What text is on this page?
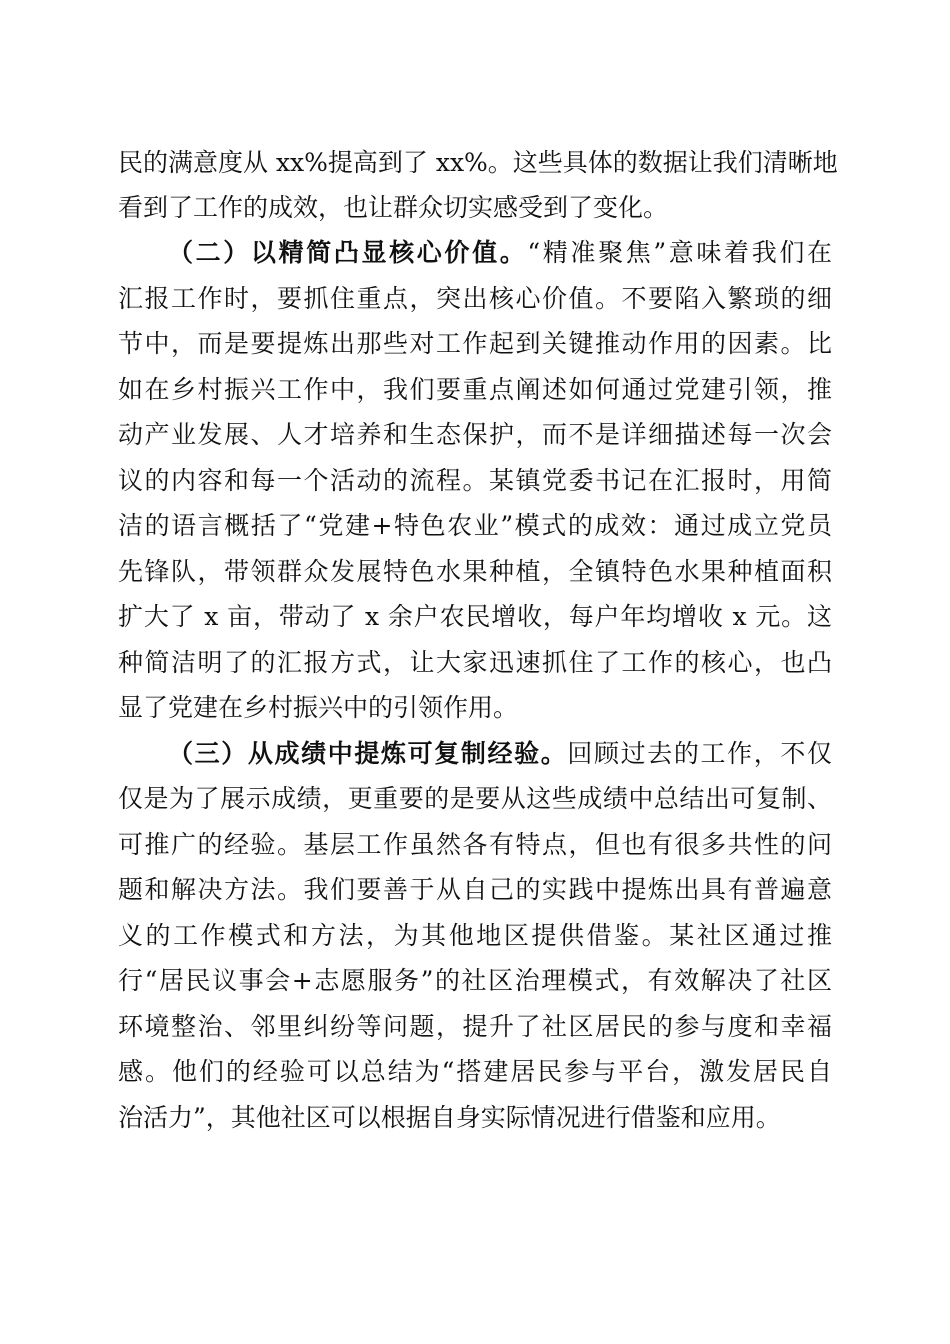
民的满意度从 xx%提高到了 xx%。这些具体的数据让我们清晰地
看到了工作的成效，也让群众切实感受到了变化。
（二）以精简凸显核心价值。“精准聚焦”意味着我们在
汇报工作时，要抓住重点，突出核心价值。不要陷入繁琐的细
节中，而是要提炼出那些对工作起到关键推动作用的因素。比
如在乡村振兴工作中，我们要重点阐述如何通过党建引领，推
动产业发展、人才培养和生态保护，而不是详细描述每一次会
议的内容和每一个活动的流程。某镇党委书记在汇报时，用简
洁的语言概括了“党建+特色农业”模式的成效：通过成立党员
先锋队，带领群众发展特色水果种植，全镇特色水果种植面积
扩大了 x 亩，带动了 x 余户农民增收，每户年均增收 x 元。这
种简洁明了的汇报方式，让大家迅速抓住了工作的核心，也凸
显了党建在乡村振兴中的引领作用。
（三）从成绩中提炼可复制经验。回顾过去的工作，不仅
仅是为了展示成绩，更重要的是要从这些成绩中总结出可复制、
可推广的经验。基层工作虽然各有特点，但也有很多共性的问
题和解决方法。我们要善于从自己的实践中提炼出具有普遍意
义的工作模式和方法，为其他地区提供借鉴。某社区通过推
行“居民议事会+志愿服务”的社区治理模式，有效解决了社区
环境整治、邻里纠纷等问题，提升了社区居民的参与度和幸福
感。他们的经验可以总结为“搭建居民参与平台，激发居民自
治活力”，其他社区可以根据自身实际情况进行借鉴和应用。
